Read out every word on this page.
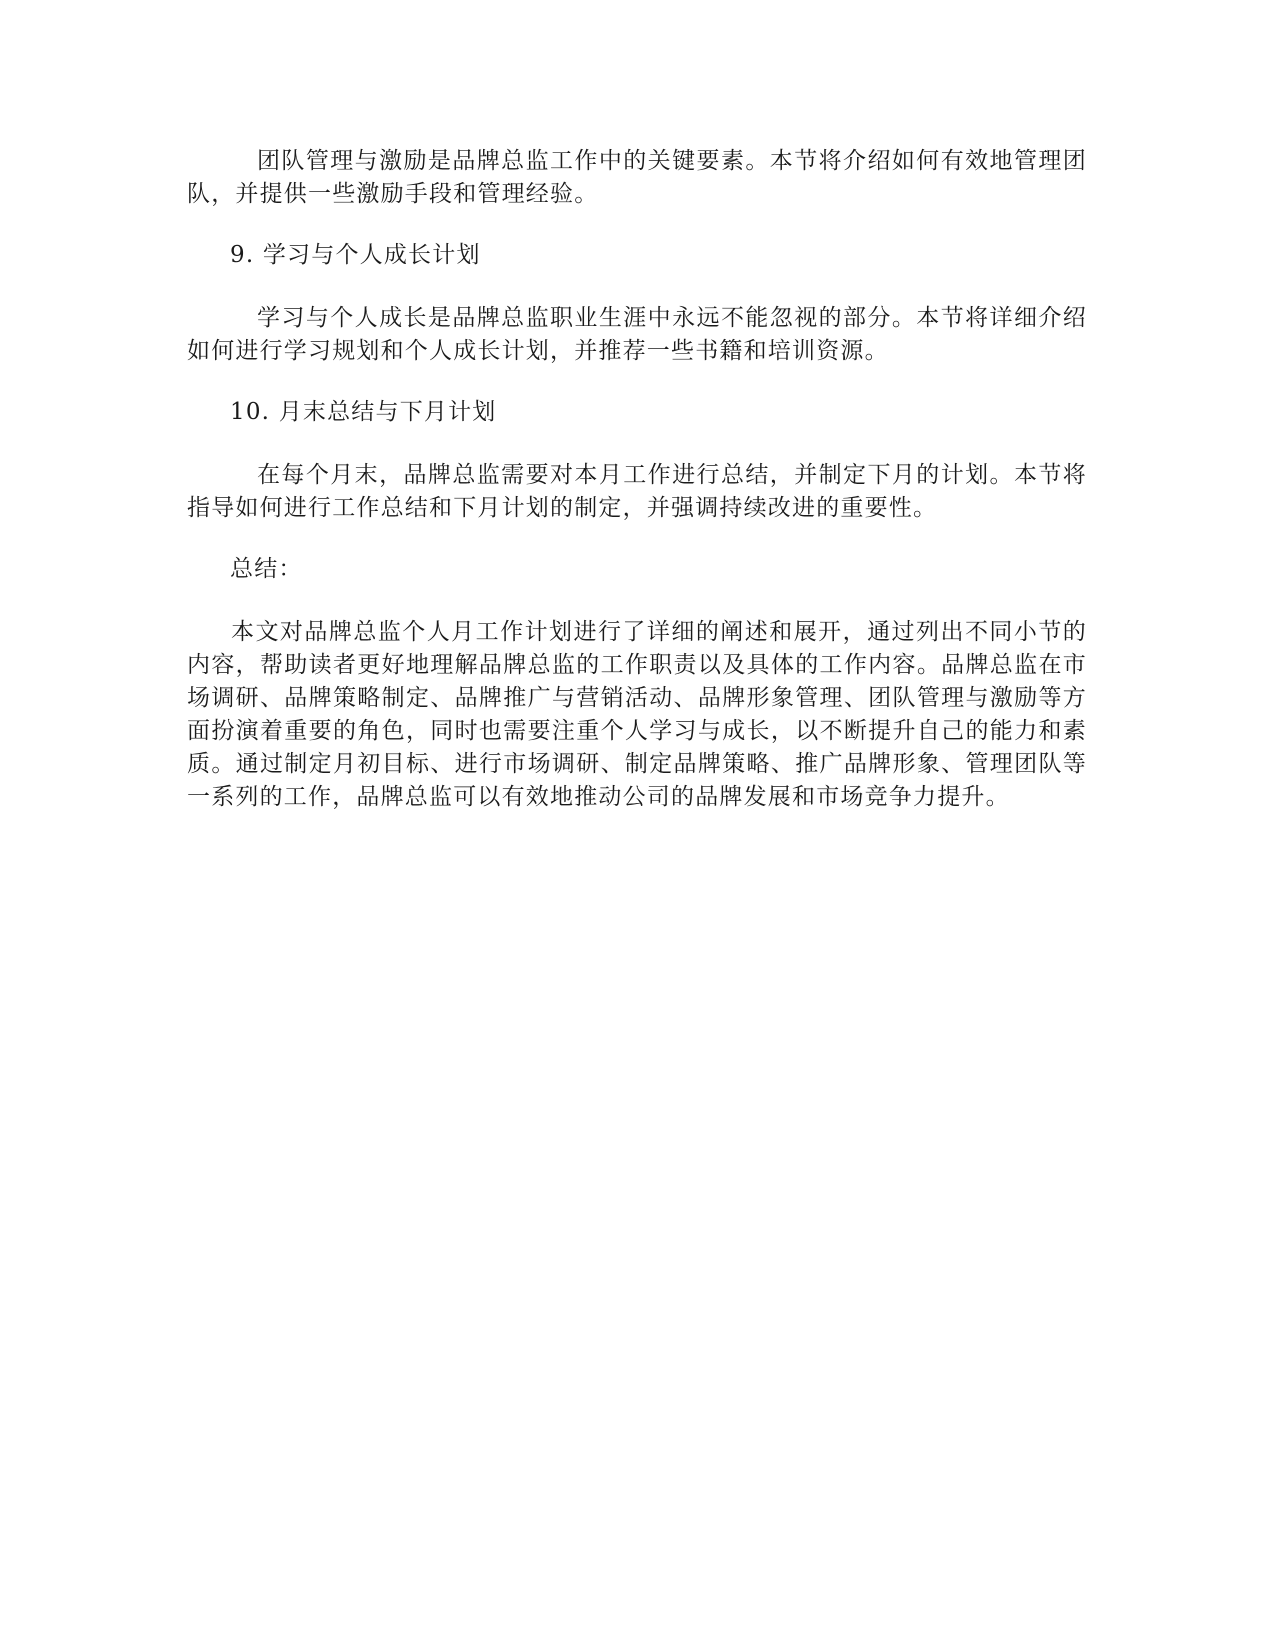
团队管理与激励是品牌总监工作中的关键要素。本节将介绍如何有效地管理团队，并提供一些激励手段和管理经验。

9. 学习与个人成长计划

学习与个人成长是品牌总监职业生涯中永远不能忽视的部分。本节将详细介绍如何进行学习规划和个人成长计划，并推荐一些书籍和培训资源。

10. 月末总结与下月计划

在每个月末，品牌总监需要对本月工作进行总结，并制定下月的计划。本节将指导如何进行工作总结和下月计划的制定，并强调持续改进的重要性。

总结：

本文对品牌总监个人月工作计划进行了详细的阐述和展开，通过列出不同小节的内容，帮助读者更好地理解品牌总监的工作职责以及具体的工作内容。品牌总监在市场调研、品牌策略制定、品牌推广与营销活动、品牌形象管理、团队管理与激励等方面扮演着重要的角色，同时也需要注重个人学习与成长，以不断提升自己的能力和素质。通过制定月初目标、进行市场调研、制定品牌策略、推广品牌形象、管理团队等一系列的工作，品牌总监可以有效地推动公司的品牌发展和市场竞争力提升。
